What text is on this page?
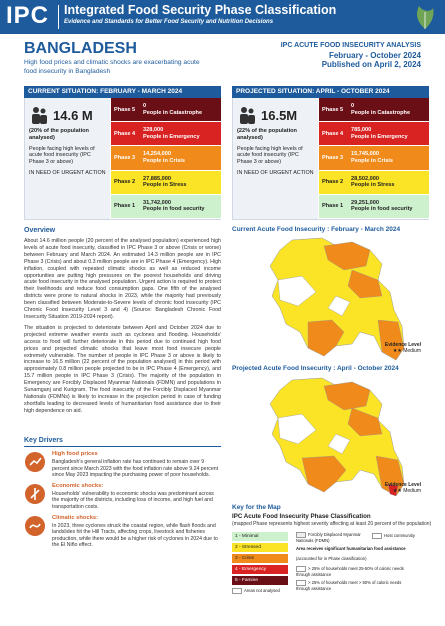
IPC Integrated Food Security Phase Classification
Evidence and Standards for Better Food Security and Nutrition Decisions
BANGLADESH
High food prices and climatic shocks are exacerbating acute food insecurity in Bangladesh
IPC ACUTE FOOD INSECURITY ANALYSIS
February - October 2024
Published on April 2, 2024
CURRENT SITUATION: FEBRUARY - MARCH 2024
14.6 M
(20% of the population analysed)
People facing high levels of acute food insecurity (IPC Phase 3 or above)
IN NEED OF URGENT ACTION
Phase 5
0
People in Catastrophe
Phase 4
328,000
People in Emergency
Phase 3
14,254,000
People in Crisis
Phase 2
27,885,000
People in Stress
Phase 1
31,742,000
People in food security
PROJECTED SITUATION: APRIL - OCTOBER 2024
16.5M
(22% of the population analysed)
People facing high levels of acute food insecurity (IPC Phase 3 or above)
IN NEED OF URGENT ACTION
Phase 5
0
People in Catastrophe
Phase 4
785,000
People in Emergency
Phase 3
15,745,000
People in Crisis
Phase 2
28,502,000
People in Stress
Phase 1
29,251,000
People in food security
Overview

About 14.6 million people (20 percent of the analysed population) experienced high levels of acute food insecurity, classified in IPC Phase 3 or above (Crisis or worse) between February and March 2024. An estimated 14.3 million people are in IPC Phase 3 (Crisis) and about 0.3 million people are in IPC Phase 4 (Emergency). High inflation, coupled with repeated climatic shocks as well as reduced income opportunities are putting high pressures on the poorest households and driving acute food insecurity in the analysed population. Urgent action is required to protect their livelihoods and reduce food consumption gaps. One fifth of the analysed districts were prone to natural shocks in 2023, while the majority had previously been classified between Moderate-to-Severe levels of chronic food insecurity (IPC Chronic Food Insecurity Level 3 and 4) (Source: Bangladesh Chronic Food Insecurity Situation 2019-2024 report).

The situation is projected to deteriorate between April and October 2024 due to projected extreme weather events such as cyclones and flooding. Households' access to food will further deteriorate in this period due to continued high food prices and projected climatic shocks that leave most food insecure people extremely vulnerable. The number of people in IPC Phase 3 or above is likely to increase to 16.5 million (22 percent of the population analysed) in this period with approximately 0.8 million people projected to be in IPC Phase 4 (Emergency), and 15.7 million people in IPC Phase 3 (Crisis). The majority of the population in Emergency are Forcibly Displaced Myanmar Nationals (FDMN) and populations in Sunamganj and Kurigram. The food insecurity of the Forcibly Displaced Myanmar Nationals (FDMNs) is likely to increase in the projection period in case of funding shortfalls leading to decreased levels of humanitarian food assistance due to their high dependence on aid.

Key Drivers
High food prices
Bangladesh's general inflation rate has continued to remain over 9 percent since March 2023 with the food inflation rate above 9.24 percent since May 2023 impacting the purchasing power of poor households.
Economic shocks:
Households' vulnerability to economic shocks was predominant across the majority of the districts, including loss of income, and high fuel and transportation costs.
Climatic shocks:
In 2023, three cyclones struck the coastal region, while flash floods and landslides hit the Hill Tracts, affecting crops, livestock and fisheries production, while there would be a higher risk of cyclones in 2024 due to the El Niño effect.
Current Acute Food Insecurity : February - March 2024
Evidence Level
★★ Medium
Projected Acute Food Insecurity : April - October 2024
Evidence Level
★★ Medium
Key for the Map
IPC Acute Food Insecurity Phase Classification
(mapped Phase represents highest severity affecting at least 20 percent of the population)
1 - Minimal
2 - Stressed
3 - Crisis
4 - Emergency
5 - Famine
Areas not analysed
Forcibly Displaced Myanmar Nationals (FDMN)
Host communitiy
Area receives significant humanitarian food assistance
(accounted for in Phase classification)
> 25% of households meet 25-50% of caloric needs through assistance
> 25% of households meet > 50% of caloric needs through assistance
